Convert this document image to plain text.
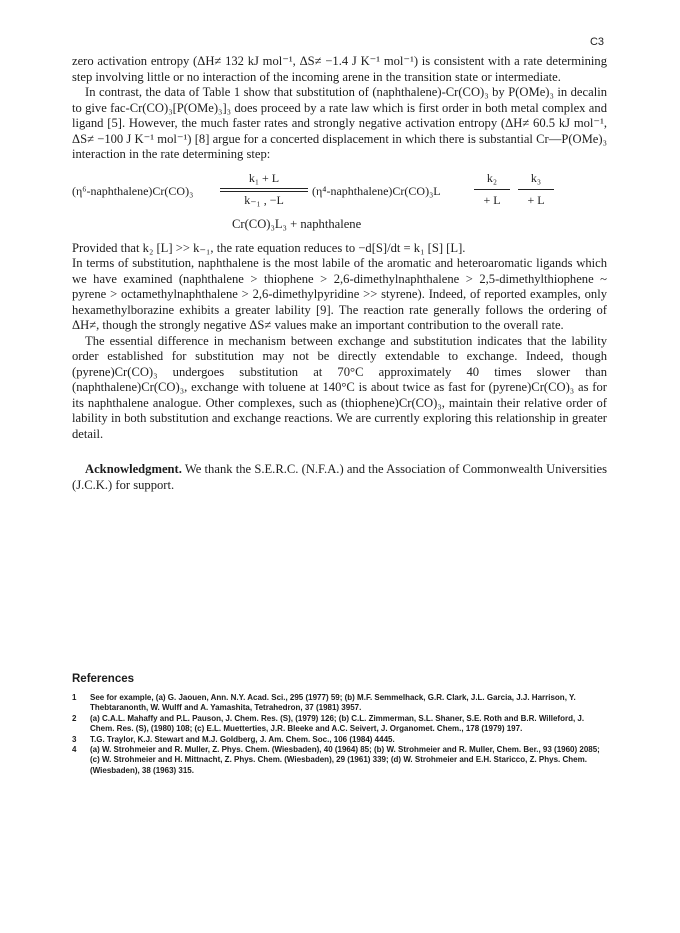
C3

zero activation entropy (ΔH≠ 132 kJ mol⁻¹, ΔS≠ −1.4 J K⁻¹ mol⁻¹) is consistent with a rate determining step involving little or no interaction of the incoming arene in the transition state or intermediate.

In contrast, the data of Table 1 show that substitution of (naphthalene)-Cr(CO)₃ by P(OMe)₃ in decalin to give fac-Cr(CO)₃[P(OMe)₃]₃ does proceed by a rate law which is first order in both metal complex and ligand [5]. However, the much faster rates and strongly negative activation entropy (ΔH≠ 60.5 kJ mol⁻¹, ΔS≠ −100 J K⁻¹ mol⁻¹) [8] argue for a concerted displacement in which there is substantial Cr—P(OMe)₃ interaction in the rate determining step:

(η⁶-naphthalene)Cr(CO)₃
k₁ + L
k₋₁ , −L
(η⁴-naphthalene)Cr(CO)₃L
k₂
+ L
k₃
+ L
Cr(CO)₃L₃ + naphthalene

Provided that k₂ [L] >> k₋₁, the rate equation reduces to −d[S]/dt = k₁ [S] [L].

In terms of substitution, naphthalene is the most labile of the aromatic and heteroaromatic ligands which we have examined (naphthalene > thiophene > 2,6-dimethylnaphthalene > 2,5-dimethylthiophene ~ pyrene > octamethylnaphthalene > 2,6-dimethylpyridine >> styrene). Indeed, of reported examples, only hexamethylborazine exhibits a greater lability [9]. The reaction rate generally follows the ordering of ΔH≠, though the strongly negative ΔS≠ values make an important contribution to the overall rate.

The essential difference in mechanism between exchange and substitution indicates that the lability order established for substitution may not be directly extendable to exchange. Indeed, though (pyrene)Cr(CO)₃ undergoes substitution at 70°C approximately 40 times slower than (naphthalene)Cr(CO)₃, exchange with toluene at 140°C is about twice as fast for (pyrene)Cr(CO)₃ as for its naphthalene analogue. Other complexes, such as (thiophene)Cr(CO)₃, maintain their relative order of lability in both substitution and exchange reactions. We are currently exploring this relationship in greater detail.

Acknowledgment. We thank the S.E.R.C. (N.F.A.) and the Association of Commonwealth Universities (J.C.K.) for support.

References
1	See for example, (a) G. Jaouen, Ann. N.Y. Acad. Sci., 295 (1977) 59; (b) M.F. Semmelhack, G.R. Clark, J.L. Garcia, J.J. Harrison, Y. Thebtaranonth, W. Wulff and A. Yamashita, Tetrahedron, 37 (1981) 3957.
2	(a) C.A.L. Mahaffy and P.L. Pauson, J. Chem. Res. (S), (1979) 126; (b) C.L. Zimmerman, S.L. Shaner, S.E. Roth and B.R. Willeford, J. Chem. Res. (S), (1980) 108; (c) E.L. Muetterties, J.R. Bleeke and A.C. Seivert, J. Organomet. Chem., 178 (1979) 197.
3	T.G. Traylor, K.J. Stewart and M.J. Goldberg, J. Am. Chem. Soc., 106 (1984) 4445.
4	(a) W. Strohmeier and R. Muller, Z. Phys. Chem. (Wiesbaden), 40 (1964) 85; (b) W. Strohmeier and R. Muller, Chem. Ber., 93 (1960) 2085; (c) W. Strohmeier and H. Mittnacht, Z. Phys. Chem. (Wiesbaden), 29 (1961) 339; (d) W. Strohmeier and E.H. Staricco, Z. Phys. Chem. (Wiesbaden), 38 (1963) 315.
